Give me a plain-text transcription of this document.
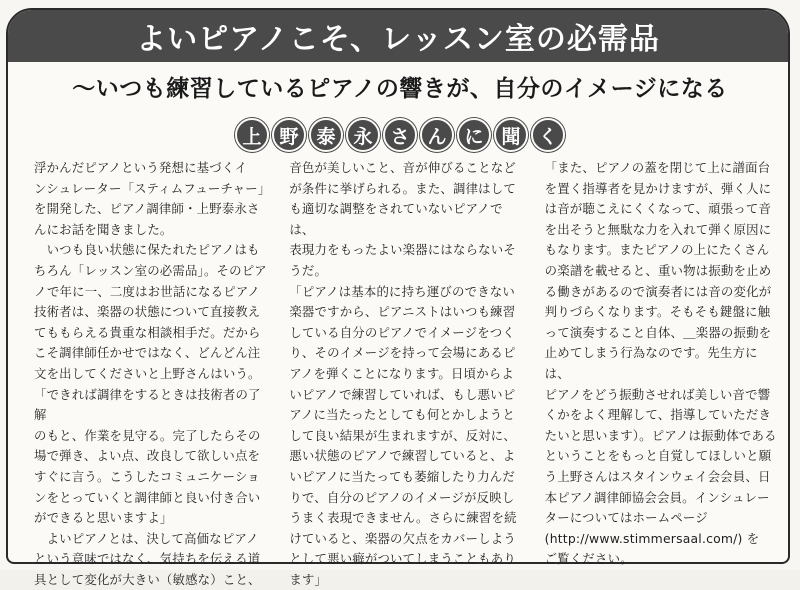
よいピアノこそ、レッスン室の必需品
〜いつも練習しているピアノの響きが、自分のイメージになる
上 野 泰 永 さ ん に 聞 く
浮かんだピアノという発想に基づくイ
ンシュレーター「スティムフューチャー」
を開発した、ピアノ調律師・上野泰永さ
んにお話を聞きました。
　いつも良い状態に保たれたピアノはも
ちろん「レッスン室の必需品」。そのピア
ノで年に一、二度はお世話になるピアノ
技術者は、楽器の状態について直接教え
てももらえる貴重な相談相手だ。だから
こそ調律師任かせではなく、どんどん注
文を出してくださいと上野さんはいう。
「できれば調律をするときは技術者の了解
のもと、作業を見守る。完了したらその
場で弾き、よい点、改良して欲しい点を
すぐに言う。こうしたコミュニケーショ
ンをとっていくと調律師と良い付き合い
ができると思いますよ」
　よいピアノとは、決して高価なピアノ
という意味ではなく、気持ちを伝える道
具として変化が大きい（敏感な）こと、
音色が美しいこと、音が伸びることなど
が条件に挙げられる。また、調律はして
も適切な調整をされていないピアノでは、
表現力をもったよい楽器にはならないそ
うだ。
「ピアノは基本的に持ち運びのできない
楽器ですから、ピアニストはいつも練習
している自分のピアノでイメージをつく
り、そのイメージを持って会場にあるピ
アノを弾くことになります。日頃からよ
いピアノで練習していれば、もし悪いピ
アノに当たったとしても何とかしようと
して良い結果が生まれますが、反対に、
悪い状態のピアノで練習していると、よ
いピアノに当たっても萎縮したり力んだ
りで、自分のピアノのイメージが反映し
うまく表現できません。さらに練習を続
けていると、楽器の欠点をカバーしよう
として悪い癖がついてしまうこともあり
ます」
「また、ピアノの蓋を閉じて上に譜面台
を置く指導者を見かけますが、弾く人に
は音が聴こえにくくなって、頑張って音
を出そうと無駄な力を入れて弾く原因に
もなります。またピアノの上にたくさん
の楽譜を載せると、重い物は振動を止め
る働きがあるので演奏者には音の変化が
判りづらくなります。そもそも鍵盤に触
って演奏すること自体、＿楽器の振動を
止めてしまう行為なのです。先生方には、
ピアノをどう振動させれば美しい音で響
くかをよく理解して、指導していただき
たいと思います）。ピアノは振動体である
ということをもっと自覚してほしいと願
う上野さんはスタインウェイ会会員、日
本ピアノ調律師協会会員。インシュレー
ターについてはホームページ
(http://www.stimmersaal.com/) を
ご覧ください。
